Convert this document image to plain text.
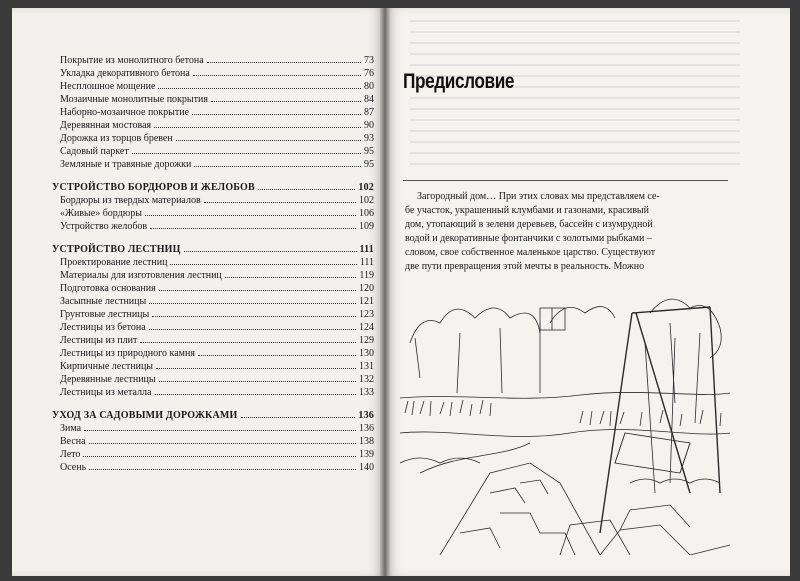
Покрытие из монолитного бетона	73
Укладка декоративного бетона	76
Несплошное мощение	80
Мозаичные монолитные покрытия	84
Наборно-мозаичное покрытие	87
Деревянная мостовая	90
Дорожка из торцов бревен	93
Садовый паркет	95
Земляные и травяные дорожки	95
УСТРОЙСТВО БОРДЮРОВ И ЖЕЛОБОВ	102
Бордюры из твердых материалов	102
«Живые» бордюры	106
Устройство желобов	109
УСТРОЙСТВО ЛЕСТНИЦ	111
Проектирование лестниц	111
Материалы для изготовления лестниц	119
Подготовка основания	120
Засыпные лестницы	121
Грунтовые лестницы	123
Лестницы из бетона	124
Лестницы из плит	129
Лестницы из природного камня	130
Кирпичные лестницы	131
Деревянные лестницы	132
Лестницы из металла	133
УХОД ЗА САДОВЫМИ ДОРОЖКАМИ	136
Зима	136
Весна	138
Лето	139
Осень	140
Предисловие
Загородный дом… При этих словах мы представляем се-
бе участок, украшенный клумбами и газонами, красивый
дом, утопающий в зелени деревьев, бассейн с изумрудной
водой и декоративные фонтанчики с золотыми рыбками –
словом, свое собственное маленькое царство. Существуют
две пути превращения этой мечты в реальность. Можно
